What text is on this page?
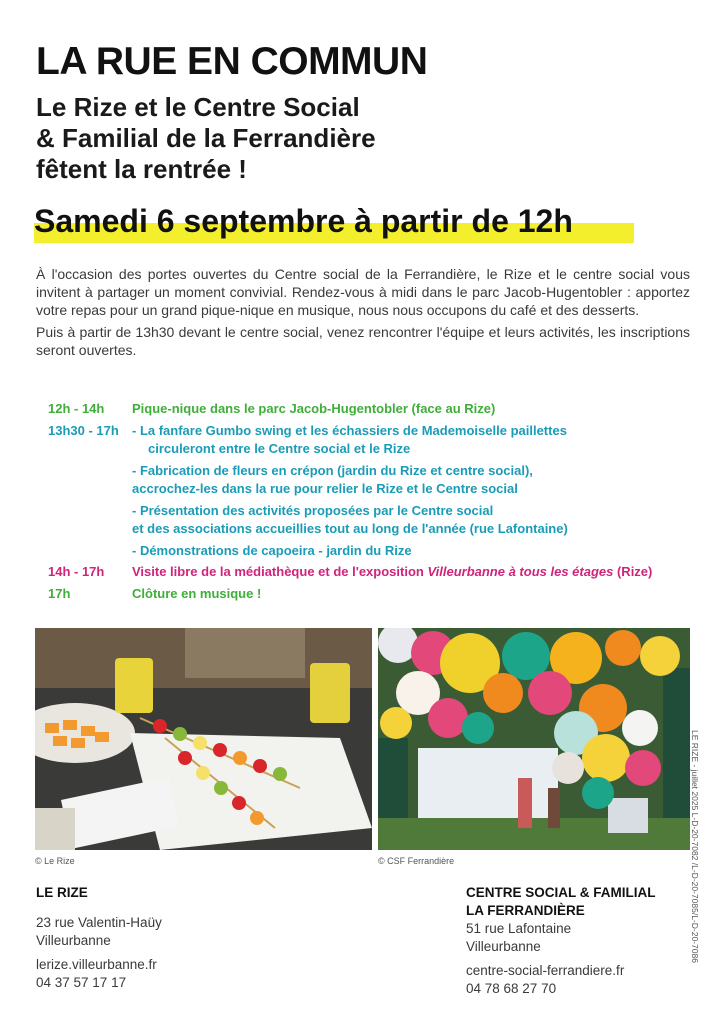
LA RUE EN COMMUN
Le Rize et le Centre Social
& Familial de la Ferrandière
fêtent la rentrée !
Samedi 6 septembre à partir de 12h

À l'occasion des portes ouvertes du Centre social de la Ferrandière, le Rize et le centre social vous invitent à partager un moment convivial. Rendez-vous à midi dans le parc Jacob-Hugentobler : apportez votre repas pour un grand pique-nique en musique, nous nous occupons du café et des desserts.

Puis à partir de 13h30 devant le centre social, venez rencontrer l'équipe et leurs activités, les inscriptions seront ouvertes.

12h - 14h	Pique-nique dans le parc Jacob-Hugentobler (face au Rize)
13h30 - 17h	- La fanfare Gumbo swing et les échassiers de Mademoiselle paillettes
circuleront entre le Centre social et le Rize
- Fabrication de fleurs en crépon (jardin du Rize et centre social),
accrochez-les dans la rue pour relier le Rize et le Centre social
- Présentation des activités proposées par le Centre social
et des associations accueillies tout au long de l'année (rue Lafontaine)
- Démonstrations de capoeira - jardin du Rize
14h - 17h	Visite libre de la médiathèque et de l'exposition Villeurbanne à tous les étages (Rize)
17h	Clôture en musique !
© Le Rize	© CSF Ferrandière
LE RIZE
23 rue Valentin-Haüy
Villeurbanne
lerize.villeurbanne.fr
04 37 57 17 17
CENTRE SOCIAL & FAMILIAL
LA FERRANDIÈRE
51 rue Lafontaine
Villeurbanne
centre-social-ferrandiere.fr
04 78 68 27 70
LE RIZE - juillet 2025 L-D-20-7082 /L-D-20-7085/L-D-20-7086
